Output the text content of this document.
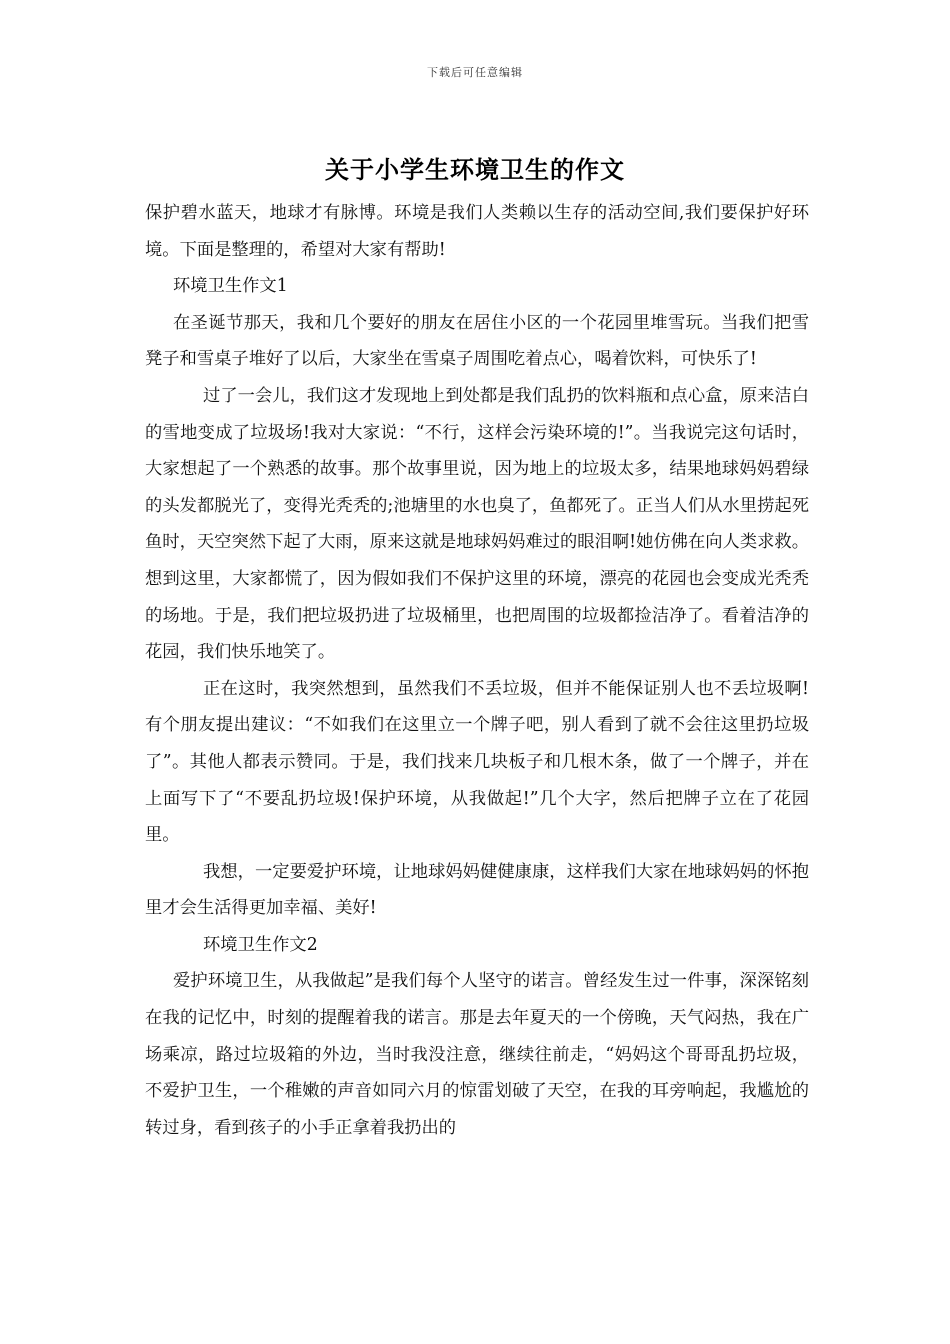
下载后可任意编辑
关于小学生环境卫生的作文

保护碧水蓝天，地球才有脉博。环境是我们人类赖以生存的活动空间,我们要保护好环境。下面是整理的，希望对大家有帮助!

环境卫生作文1

在圣诞节那天，我和几个要好的朋友在居住小区的一个花园里堆雪玩。当我们把雪凳子和雪桌子堆好了以后，大家坐在雪桌子周围吃着点心，喝着饮料，可快乐了!

过了一会儿，我们这才发现地上到处都是我们乱扔的饮料瓶和点心盒，原来洁白的雪地变成了垃圾场!我对大家说：“不行，这样会污染环境的!”。当我说完这句话时，大家想起了一个熟悉的故事。那个故事里说，因为地上的垃圾太多，结果地球妈妈碧绿的头发都脱光了，变得光秃秃的;池塘里的水也臭了，鱼都死了。正当人们从水里捞起死鱼时，天空突然下起了大雨，原来这就是地球妈妈难过的眼泪啊!她仿佛在向人类求救。想到这里，大家都慌了，因为假如我们不保护这里的环境，漂亮的花园也会变成光秃秃的场地。于是，我们把垃圾扔进了垃圾桶里，也把周围的垃圾都捡洁净了。看着洁净的花园，我们快乐地笑了。

正在这时，我突然想到，虽然我们不丢垃圾，但并不能保证别人也不丢垃圾啊!有个朋友提出建议：“不如我们在这里立一个牌子吧，别人看到了就不会往这里扔垃圾了”。其他人都表示赞同。于是，我们找来几块板子和几根木条，做了一个牌子，并在上面写下了“不要乱扔垃圾!保护环境，从我做起!”几个大字，然后把牌子立在了花园里。

我想，一定要爱护环境，让地球妈妈健健康康，这样我们大家在地球妈妈的怀抱里才会生活得更加幸福、美好!

环境卫生作文2

爱护环境卫生，从我做起”是我们每个人坚守的诺言。曾经发生过一件事，深深铭刻在我的记忆中，时刻的提醒着我的诺言。那是去年夏天的一个傍晚，天气闷热，我在广场乘凉，路过垃圾箱的外边，当时我没注意，继续往前走，“妈妈这个哥哥乱扔垃圾，不爱护卫生，一个稚嫩的声音如同六月的惊雷划破了天空，在我的耳旁响起，我尴尬的转过身，看到孩子的小手正拿着我扔出的
